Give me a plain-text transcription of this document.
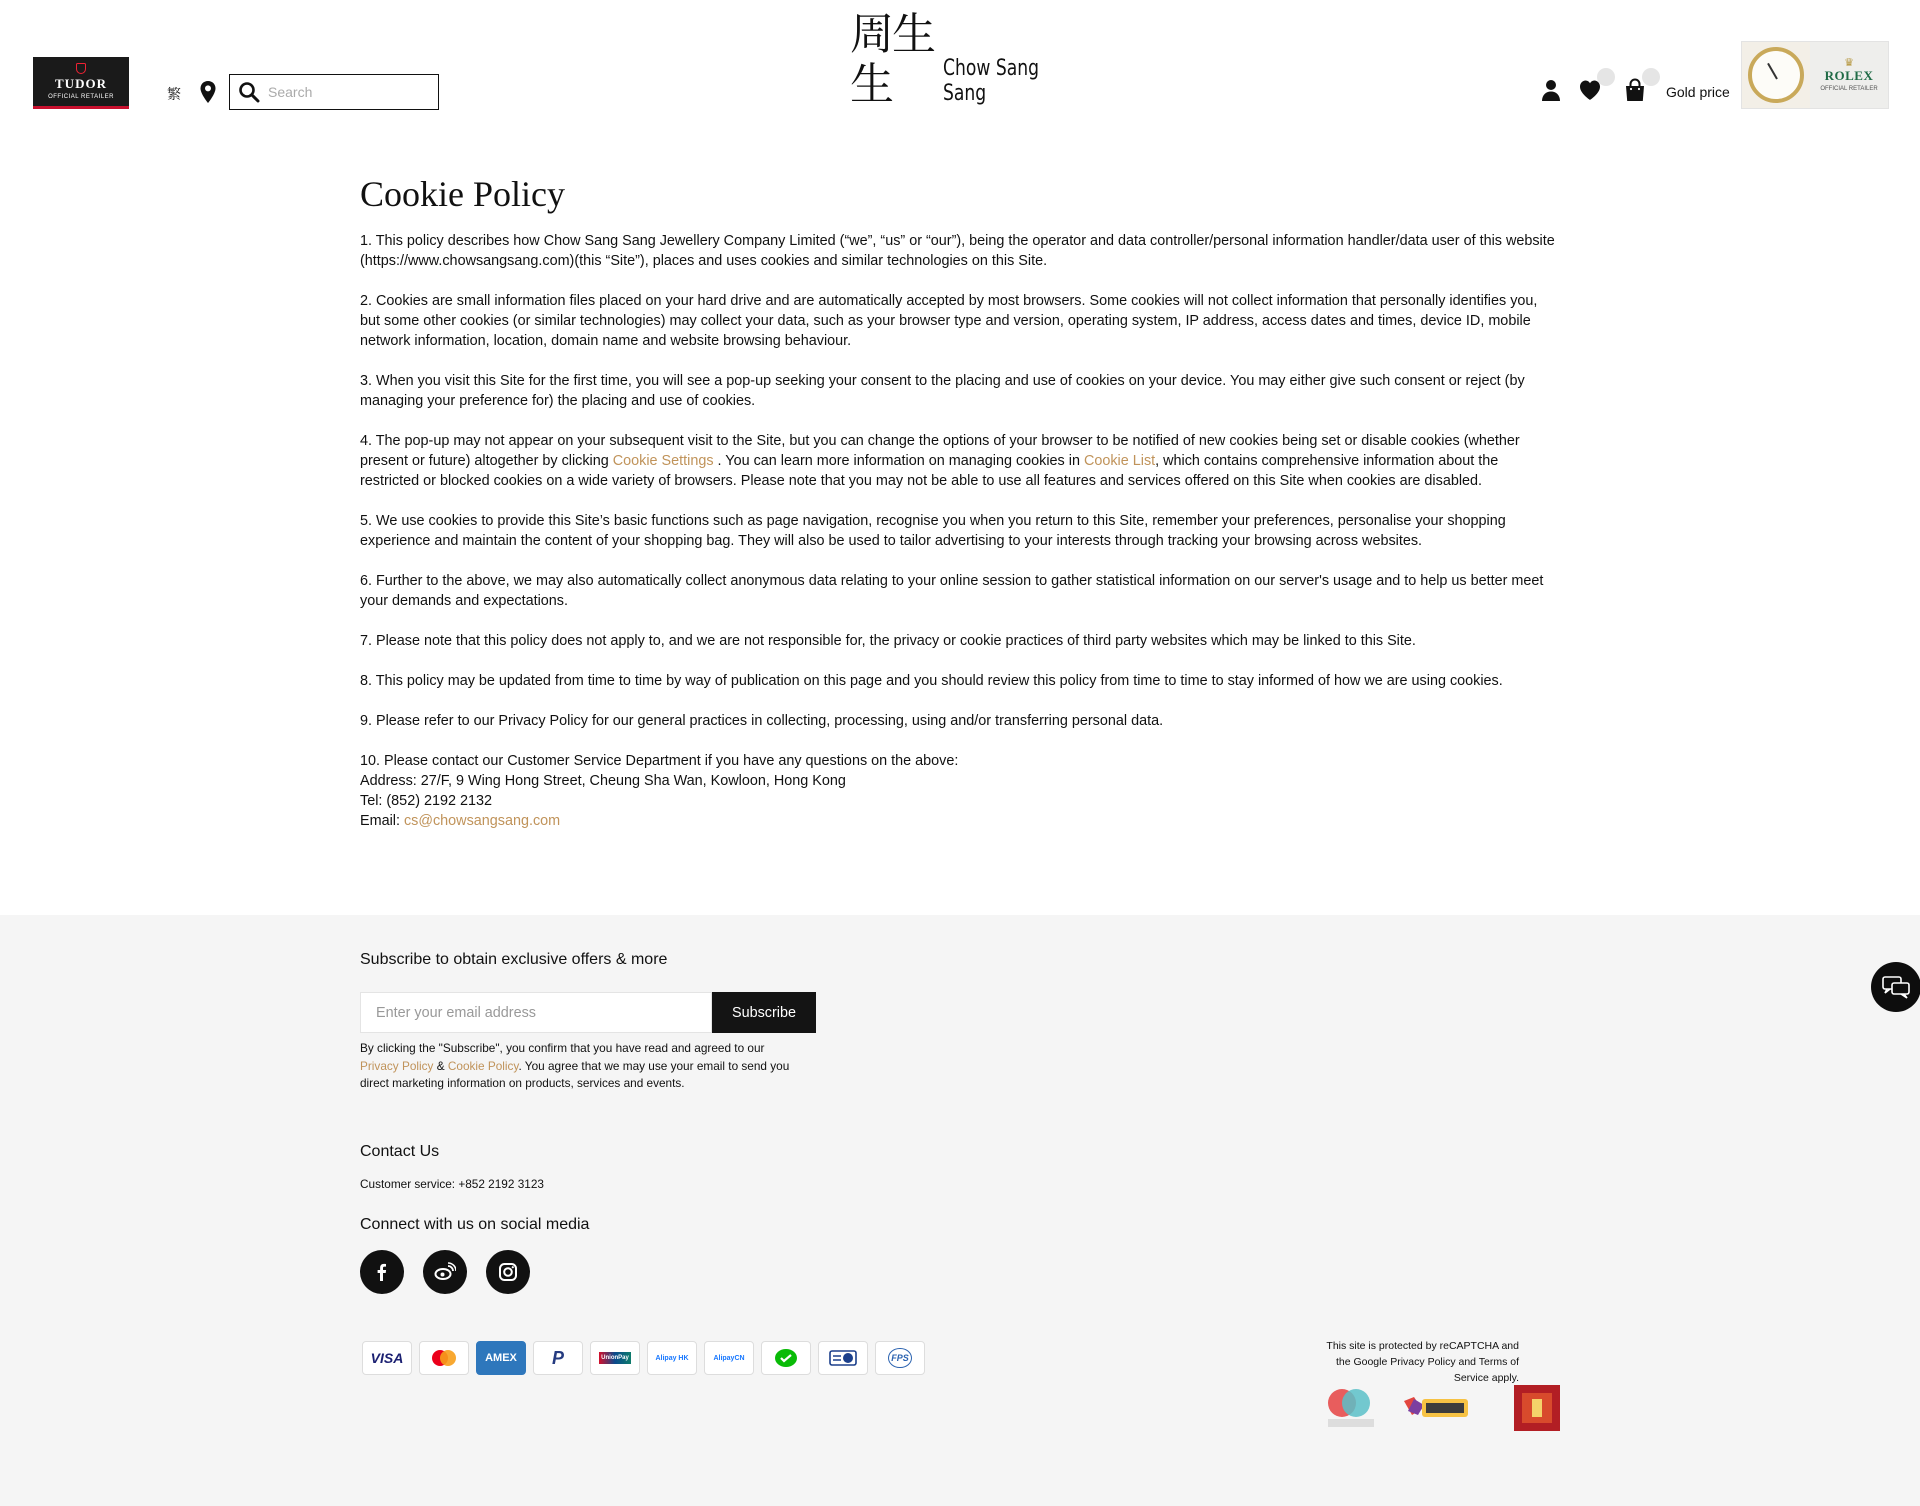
TUDOR
OFFICIAL RETAILER	繁
Search
周生生	Chow Sang Sang	Gold price
♛
ROLEX
OFFICIAL RETAILER
Cookie Policy

1. This policy describes how Chow Sang Sang Jewellery Company Limited (“we”, “us” or “our”), being the operator and data controller/personal information handler/data user of this website (https://www.chowsangsang.com)(this “Site”), places and uses cookies and similar technologies on this Site.

2. Cookies are small information files placed on your hard drive and are automatically accepted by most browsers. Some cookies will not collect information that personally identifies you, but some other cookies (or similar technologies) may collect your data, such as your browser type and version, operating system, IP address, access dates and times, device ID, mobile network information, location, domain name and website browsing behaviour.

3. When you visit this Site for the first time, you will see a pop-up seeking your consent to the placing and use of cookies on your device. You may either give such consent or reject (by managing your preference for) the placing and use of cookies.

4. The pop-up may not appear on your subsequent visit to the Site, but you can change the options of your browser to be notified of new cookies being set or disable cookies (whether present or future) altogether by clicking Cookie Settings . You can learn more information on managing cookies in Cookie List, which contains comprehensive information about the restricted or blocked cookies on a wide variety of browsers. Please note that you may not be able to use all features and services offered on this Site when cookies are disabled.

5. We use cookies to provide this Site’s basic functions such as page navigation, recognise you when you return to this Site, remember your preferences, personalise your shopping experience and maintain the content of your shopping bag. They will also be used to tailor advertising to your interests through tracking your browsing across websites.

6. Further to the above, we may also automatically collect anonymous data relating to your online session to gather statistical information on our server's usage and to help us better meet your demands and expectations.

7. Please note that this policy does not apply to, and we are not responsible for, the privacy or cookie practices of third party websites which may be linked to this Site.

8. This policy may be updated from time to time by way of publication on this page and you should review this policy from time to time to stay informed of how we are using cookies.

9. Please refer to our Privacy Policy for our general practices in collecting, processing, using and/or transferring personal data.

10. Please contact our Customer Service Department if you have any questions on the above:
Address: 27/F, 9 Wing Hong Street, Cheung Sha Wan, Kowloon, Hong Kong
Tel: (852) 2192 2132
Email: cs@chowsangsang.com
Subscribe to obtain exclusive offers & more
Enter your email address
Subscribe
By clicking the "Subscribe", you confirm that you have read and agreed to our Privacy Policy & Cookie Policy. You agree that we may use your email to send you direct marketing information on products, services and events.
Contact Us
Customer service: +852 2192 3123
Connect with us on social media
VISA	AMEX P	UnionPay	Alipay HK	AlipayCN	FPS
This site is protected by reCAPTCHA and the Google Privacy Policy and Terms of Service apply.
